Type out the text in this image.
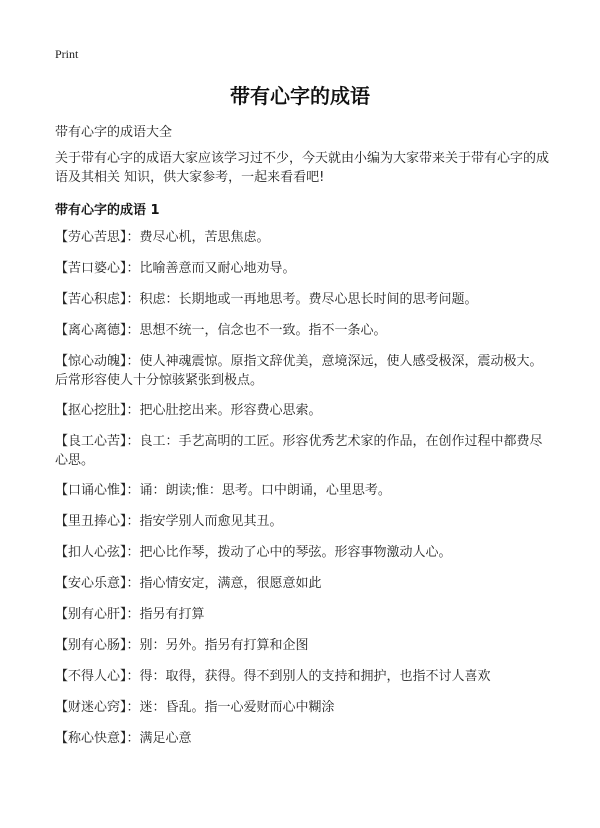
Print
带有心字的成语
带有心字的成语大全
关于带有心字的成语大家应该学习过不少，今天就由小编为大家带来关于带有心字的成语及其相关 知识，供大家参考，一起来看看吧!
带有心字的成语 1
【劳心苦思】：费尽心机，苦思焦虑。
【苦口婆心】：比喻善意而又耐心地劝导。
【苦心积虑】：积虑：长期地或一再地思考。费尽心思长时间的思考问题。
【离心离德】：思想不统一，信念也不一致。指不一条心。
【惊心动魄】：使人神魂震惊。原指文辞优美，意境深远，使人感受极深，震动极大。后常形容使人十分惊骇紧张到极点。
【抠心挖肚】：把心肚挖出来。形容费心思索。
【良工心苦】：良工：手艺高明的工匠。形容优秀艺术家的作品，在创作过程中都费尽心思。
【口诵心惟】：诵：朗读;惟：思考。口中朗诵，心里思考。
【里丑捧心】：指安学别人而愈见其丑。
【扣人心弦】：把心比作琴，拨动了心中的琴弦。形容事物激动人心。
【安心乐意】：指心情安定，满意，很愿意如此
【别有心肝】：指另有打算
【别有心肠】：别：另外。指另有打算和企图
【不得人心】：得：取得，获得。得不到别人的支持和拥护，也指不讨人喜欢
【财迷心窍】：迷：昏乱。指一心爱财而心中糊涂
【称心快意】：满足心意
